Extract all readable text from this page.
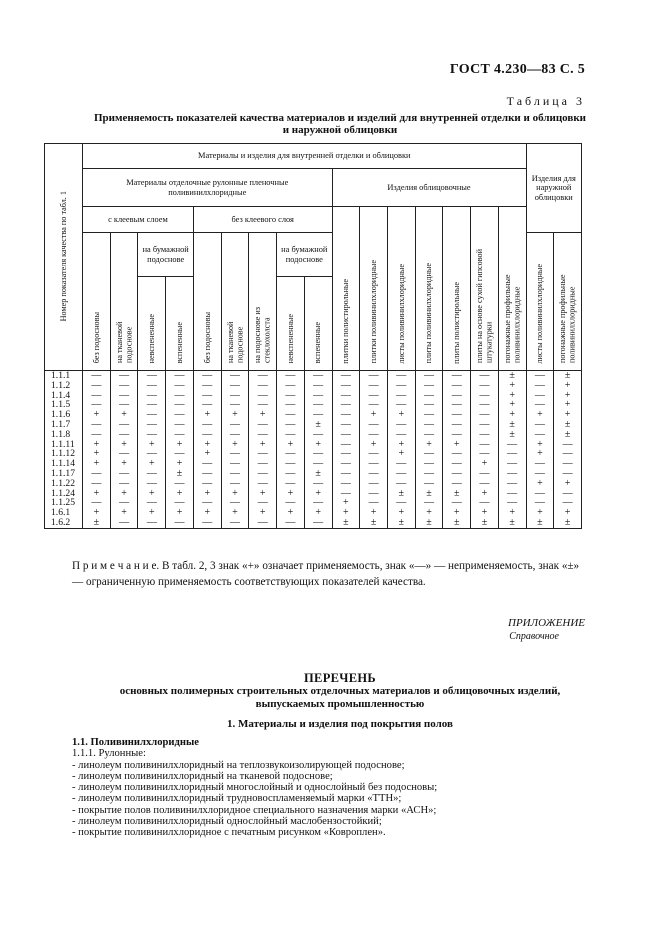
ГОСТ 4.230—83 С. 5
Таблица 3
Применяемость показателей качества материалов и изделий для внутренней отделки и облицовки
и наружной облицовки
Номер показателя качества по табл. 1	Материалы и изделия для внутренней отделки и облицовки																Изделия для наружной облицовки	
	Материалы отделочные рулонные пленочные поливинилхлоридные									Изделия облицовочные								
	с клеевым слоем				без клеевого слоя					плитки полистирольные	плитки поливинилхлоридные	листы поливинилхлоридные	плиты поливинилхлоридные	плиты полистирольные	плиты на основе сухой гипсовой штукатурки	погонажные профильные поливинилхлоридные		
	без подосновы	на тканевой подоснове	на бумажной подоснове		без подосновы	на тканевой подоснове	на подоснове из стеклохолста	на бумажной подоснове									листы поливинилхлоридные	погонажные профильные поливинилхлоридные
			невспененные	вспененные				невспененные	вспененные									
1.1.1	—	—	—	—	—	—	—	—	—	—	—	—	—	—	—	±	—	±
1.1.2	—	—	—	—	—	—	—	—	—	—	—	—	—	—	—	+	—	+
1.1.4	—	—	—	—	—	—	—	—	—	—	—	—	—	—	—	+	—	+
1.1.5	—	—	—	—	—	—	—	—	—	—	—	—	—	—	—	+	—	+
1.1.6	+	+	—	—	+	+	+	—	—	—	+	+	—	—	—	+	+	+
1.1.7	—	—	—	—	—	—	—	—	±	—	—	—	—	—	—	±	—	±
1.1.8	—	—	—	—	—	—	—	—	—	—	—	—	—	—	—	±	—	±
1.1.11	+	+	+	+	+	+	+	+	+	—	+	+	+	+	—	—	+	—
1.1.12	+	—	—	—	+	—	—	—	—	—	—	+	—	—	—	—	+	—
1.1.14	+	+	+	+	—	—	—	—	—	—	—	—	—	—	+	—	—	—
1.1.17	—	—	—	±	—	—	—	—	±	—	—	—	—	—	—	—	—	—
1.1.22	—	—	—	—	—	—	—	—	—	—	—	—	—	—	—	—	+	+
1.1.24	+	+	+	+	+	+	+	+	+	—	—	±	±	±	+	—	—	—
1.1.25	—	—	—	—	—	—	—	—	—	+	—	—	—	—	—	—	—	—
1.6.1	+	+	+	+	+	+	+	+	+	+	+	+	+	+	+	+	+	+
1.6.2	±	—	—	—	—	—	—	—	—	±	±	±	±	±	±	±	±	±
П р и м е ч а н и е. В табл. 2, 3 знак «+» означает применяемость, знак «—» — неприменяемость, знак «±» — ограниченную применяемость соответствующих показателей качества.
ПРИЛОЖЕНИЕ
Справочное
ПЕРЕЧЕНЬ
основных полимерных строительных отделочных материалов и облицовочных изделий,
выпускаемых промышленностью
1. Материалы и изделия под покрытия полов
1.1. Поливинилхлоридные
1.1.1. Рулонные:
- линолеум поливинилхлоридный на теплозвукоизолирующей подоснове;
- линолеум поливинилхлоридный на тканевой подоснове;
- линолеум поливинилхлоридный многослойный и однослойный без подосновы;
- линолеум поливинилхлоридный трудновоспламеняемый марки «ТТН»;
- покрытие полов поливинилхлоридное специального назначения марки «АСН»;
- линолеум поливинилхлоридный однослойный маслобензостойкий;
- покрытие поливинилхлоридное с печатным рисунком «Ковроплен».
